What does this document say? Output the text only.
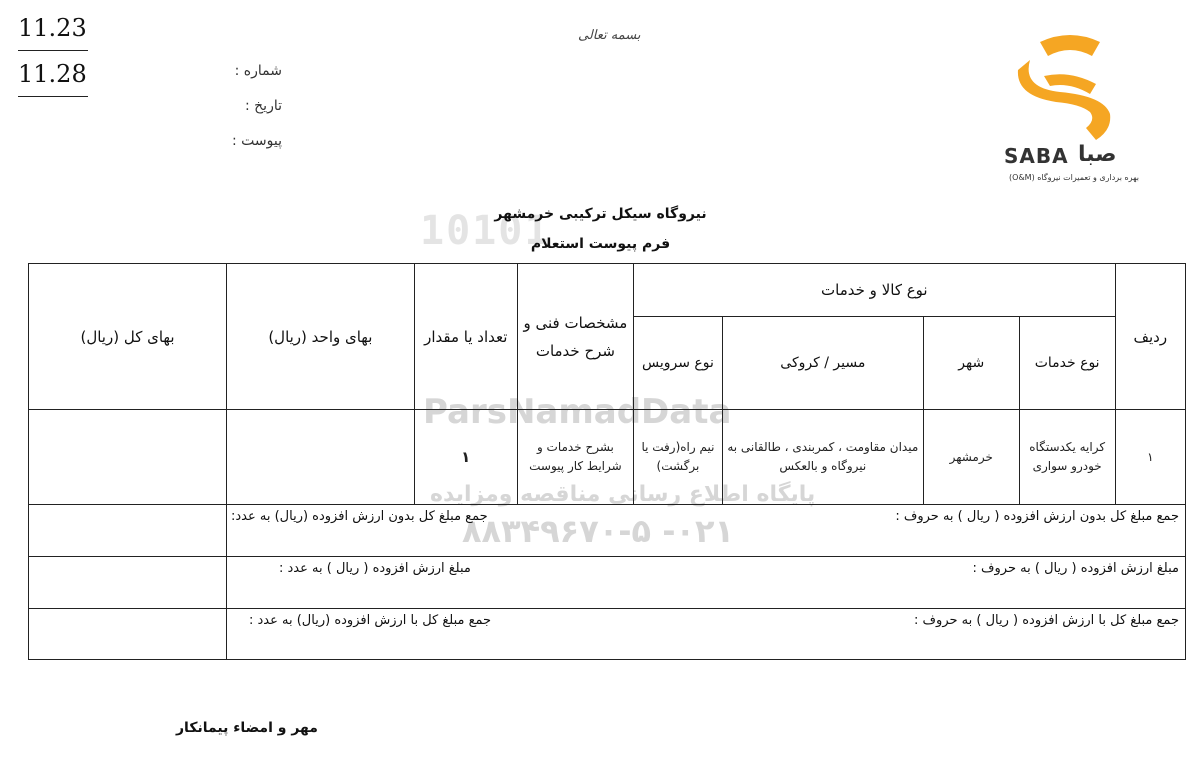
11.23
11.28	شماره :
تاریخ :
پیوست :
بسمه تعالی
SABA صبا
بهره برداری و تعمیرات نیروگاه (O&M)
10101
ParsNamadData
پایگاه اطلاع رسانی مناقصه ومزایده
۰۲۱- ۸۸۳۴۹۶۷۰-۵
نیروگاه سیکل ترکیبی خرمشهر
فرم پیوست استعلام
ردیف	نوع کالا و خدمات				مشخصات فنی و شرح خدمات	تعداد یا مقدار	بهای واحد (ریال)	بهای کل (ریال)
	نوع خدمات	شهر	مسیر / کروکی	نوع سرویس				
۱	کرایه یکدستگاه خودرو سواری	خرمشهر	میدان مقاومت ، کمربندی ، طالقانی به نیروگاه و بالعکس	نیم راه(رفت یا برگشت)	بشرح خدمات و شرایط کار پیوست	۱		

جمع مبلغ کل بدون ارزش افزوده ( ریال ) به حروف :
جمع مبلغ کل بدون ارزش افزوده (ریال) به عدد:								

مبلغ ارزش افزوده ( ریال ) به حروف :
مبلغ ارزش افزوده ( ریال ) به عدد :								

جمع مبلغ کل با ارزش افزوده ( ریال ) به حروف :
جمع مبلغ کل با ارزش افزوده (ریال) به عدد :								

مهر و امضاء پیمانکار
